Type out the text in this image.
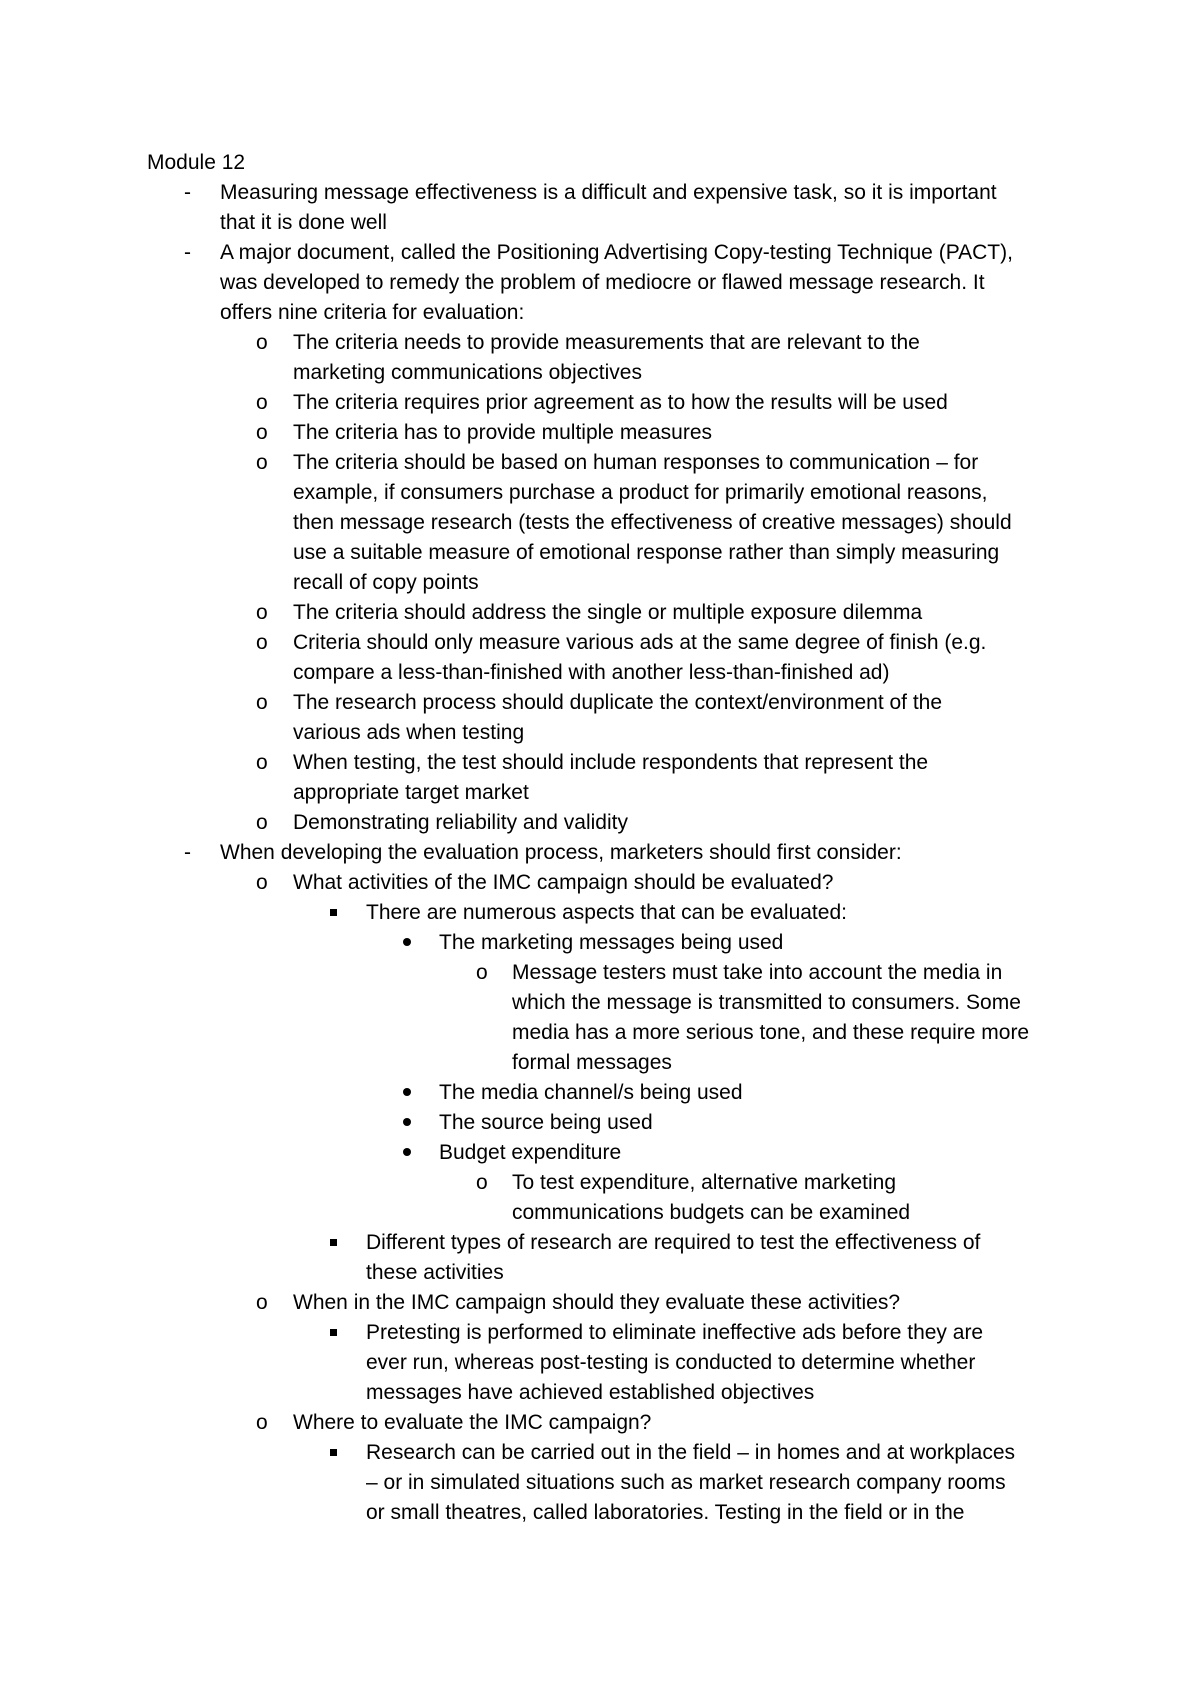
Module 12
- Measuring message effectiveness is a difficult and expensive task, so it is important
that it is done well
- A major document, called the Positioning Advertising Copy-testing Technique (PACT),
was developed to remedy the problem of mediocre or flawed message research. It
offers nine criteria for evaluation:
o The criteria needs to provide measurements that are relevant to the
marketing communications objectives
o The criteria requires prior agreement as to how the results will be used
o The criteria has to provide multiple measures
o The criteria should be based on human responses to communication – for
example, if consumers purchase a product for primarily emotional reasons,
then message research (tests the effectiveness of creative messages) should
use a suitable measure of emotional response rather than simply measuring
recall of copy points
o The criteria should address the single or multiple exposure dilemma
o Criteria should only measure various ads at the same degree of finish (e.g.
compare a less-than-finished with another less-than-finished ad)
o The research process should duplicate the context/environment of the
various ads when testing
o When testing, the test should include respondents that represent the
appropriate target market
o Demonstrating reliability and validity
- When developing the evaluation process, marketers should first consider:
o What activities of the IMC campaign should be evaluated?
There are numerous aspects that can be evaluated:
The marketing messages being used
o Message testers must take into account the media in
which the message is transmitted to consumers. Some
media has a more serious tone, and these require more
formal messages
The media channel/s being used
The source being used
Budget expenditure
o To test expenditure, alternative marketing
communications budgets can be examined
Different types of research are required to test the effectiveness of
these activities
o When in the IMC campaign should they evaluate these activities?
Pretesting is performed to eliminate ineffective ads before they are
ever run, whereas post-testing is conducted to determine whether
messages have achieved established objectives
o Where to evaluate the IMC campaign?
Research can be carried out in the field – in homes and at workplaces
– or in simulated situations such as market research company rooms
or small theatres, called laboratories. Testing in the field or in the
